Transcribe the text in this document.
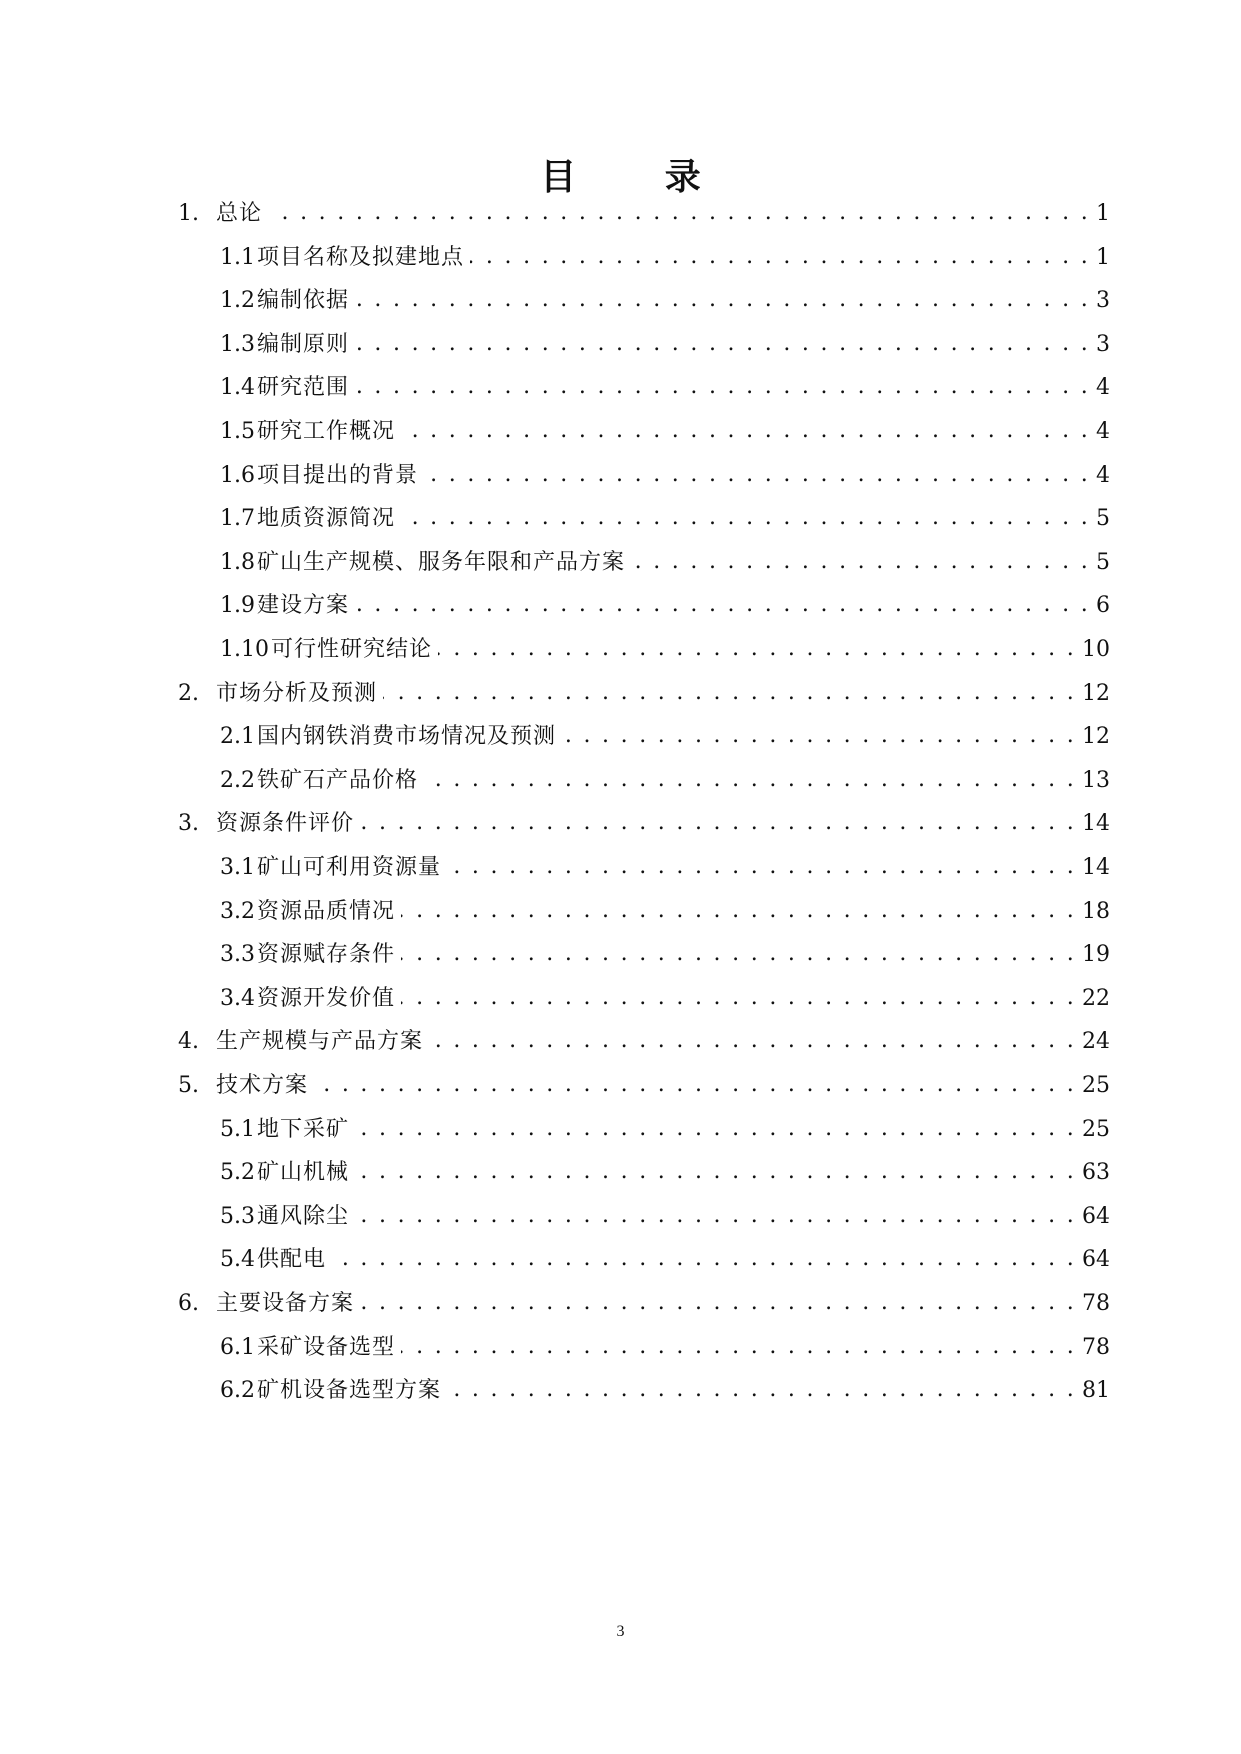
目 录
1. 总论 . . .	1
1.1 项目名称及拟建地点 . . .	1
1.2 编制依据 . . .	3
1.3 编制原则 . . .	3
1.4 研究范围 . . .	4
1.5 研究工作概况 . . .	4
1.6 项目提出的背景 . . .	4
1.7 地质资源简况 . . .	5
1.8 矿山生产规模、服务年限和产品方案 . . .	5
1.9 建设方案 . . .	6
1.10 可行性研究结论 . . .	10
2. 市场分析及预测 . . .	12
2.1 国内钢铁消费市场情况及预测 . . .	12
2.2 铁矿石产品价格 . . .	13
3. 资源条件评价 . . .	14
3.1 矿山可利用资源量 . . .	14
3.2 资源品质情况 . . .	18
3.3 资源赋存条件 . . .	19
3.4 资源开发价值 . . .	22
4. 生产规模与产品方案 . . .	24
5. 技术方案 . . .	25
5.1 地下采矿 . . .	25
5.2 矿山机械 . . .	63
5.3 通风除尘 . . .	64
5.4 供配电 . . .	64
6. 主要设备方案 . . .	78
6.1 采矿设备选型 . . .	78
6.2 矿机设备选型方案 . . .	81
3
